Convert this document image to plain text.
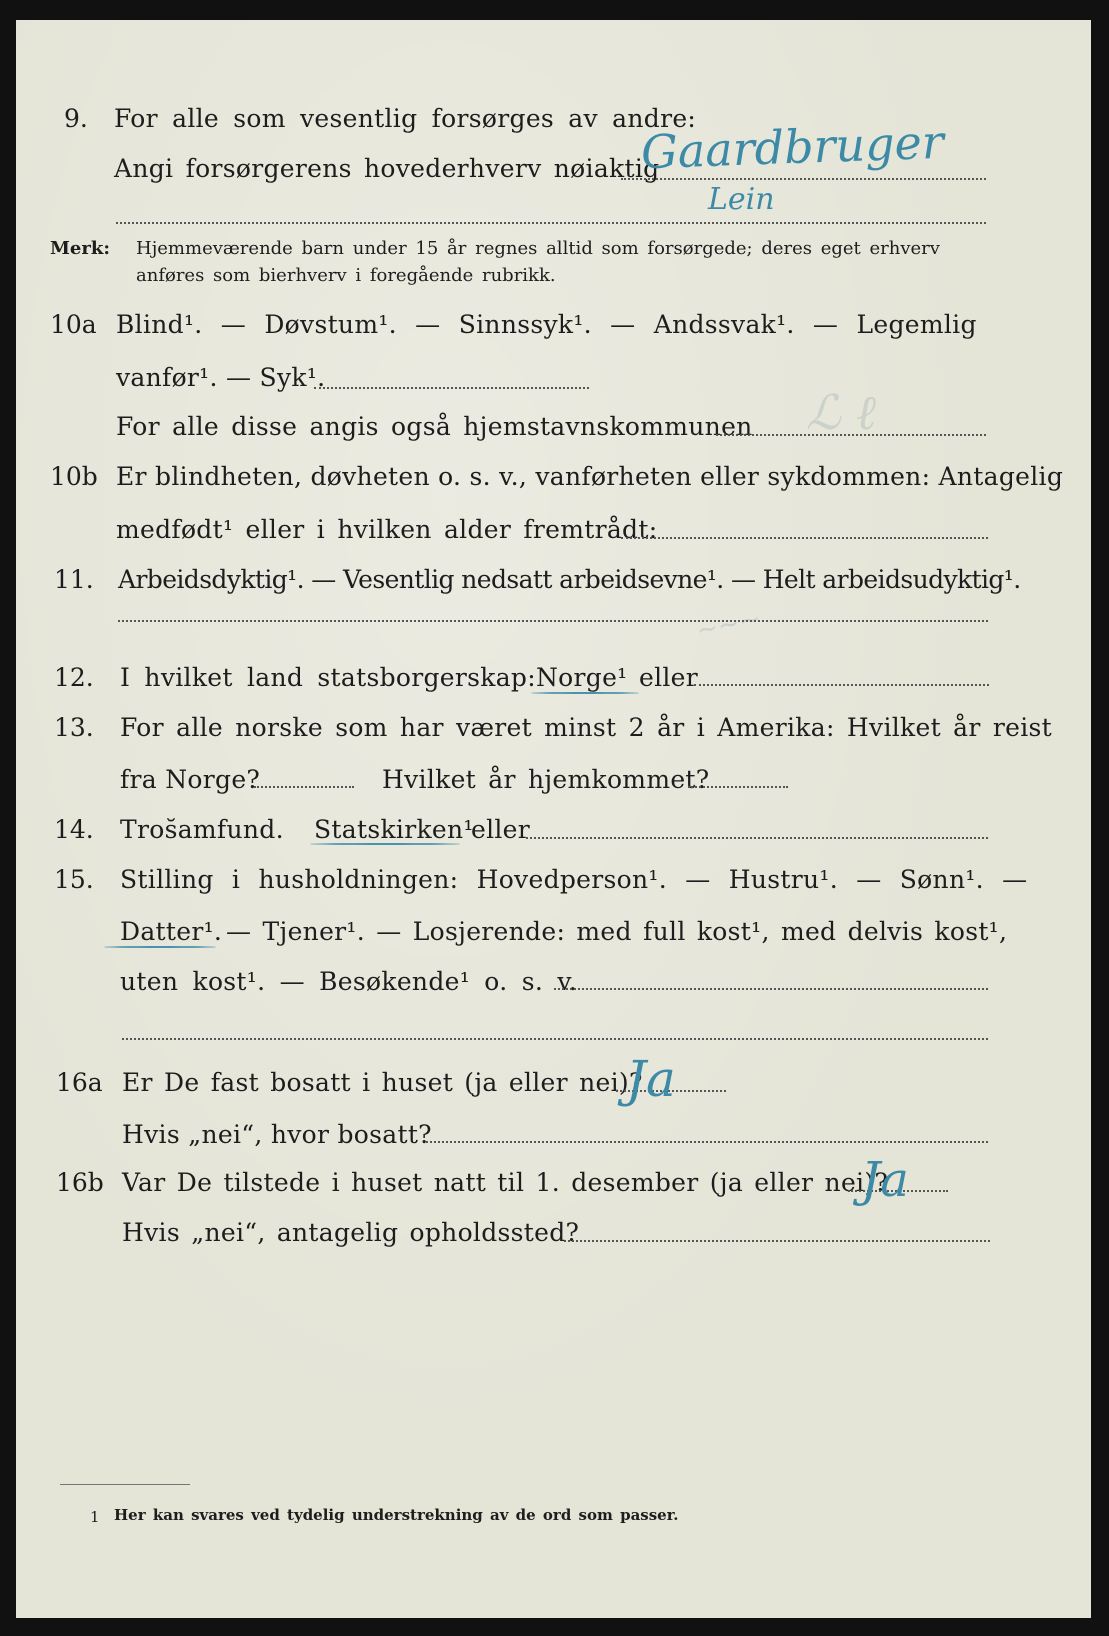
ℒ ℓ
~~~
9. For alle som vesentlig forsørges av andre:
Angi forsørgerens hovederhverv nøiaktig
Gaardbruger
Lein
Merk: Hjemmeværende barn under 15 år regnes alltid som forsørgede; deres eget erhverv
anføres som bierhverv i foregående rubrikk.
10a Blind¹. — Døvstum¹. — Sinnssyk¹. — Andssvak¹. — Legemlig
vanfør¹. — Syk¹.
For alle disse angis også hjemstavnskommunen
10b Er blindheten, døvheten o. s. v., vanførheten eller sykdommen: Antagelig
medfødt¹ eller i hvilken alder fremtrådt:
11. Arbeidsdyktig¹. — Vesentlig nedsatt arbeidsevne¹. — Helt arbeidsudyktig¹.
12. I hvilket land statsborgerskap: Norge¹ eller
13. For alle norske som har været minst 2 år i Amerika: Hvilket år reist
fra Norge?	Hvilket år hjemkommet?
14. Tros̆amfund. Statskirken¹
eller
15. Stilling i husholdningen: Hovedperson¹. — Hustru¹. — Sønn¹. —
Datter¹. — Tjener¹. — Losjerende: med full kost¹, med delvis kost¹,
uten kost¹. — Besøkende¹ o. s. v.
16a Er De fast bosatt i huset (ja eller nei)?
Ja
Hvis „nei“, hvor bosatt?
16b Var De tilstede i huset natt til 1. desember (ja eller nei)?
Ja
Hvis „nei“, antagelig opholdssted?
1 Her kan svares ved tydelig understrekning av de ord som passer.
